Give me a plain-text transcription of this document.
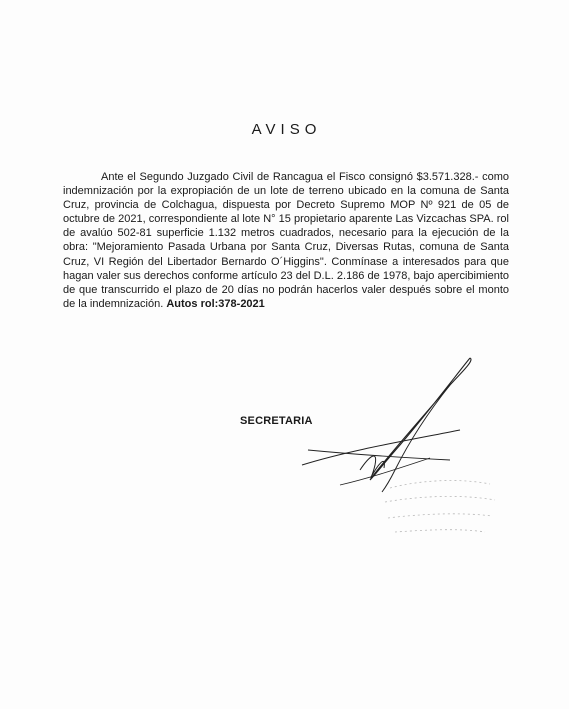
AVISO

Ante el Segundo Juzgado Civil de Rancagua el Fisco consignó $3.571.328.- como indemnización por la expropiación de un lote de terreno ubicado en la comuna de Santa Cruz, provincia de Colchagua, dispuesta por Decreto Supremo MOP Nº 921 de 05 de octubre de 2021, correspondiente al lote N° 15 propietario aparente Las Vizcachas SPA. rol de avalúo 502-81 superficie 1.132 metros cuadrados, necesario para la ejecución de la obra: "Mejoramiento Pasada Urbana por Santa Cruz, Diversas Rutas, comuna de Santa Cruz, VI Región del Libertador Bernardo O´Higgins". Conmínase a interesados para que hagan valer sus derechos conforme artículo 23 del D.L. 2.186 de 1978, bajo apercibimiento de que transcurrido el plazo de 20 días no podrán hacerlos valer después sobre el monto de la indemnización. Autos rol:378-2021

SECRETARIA
